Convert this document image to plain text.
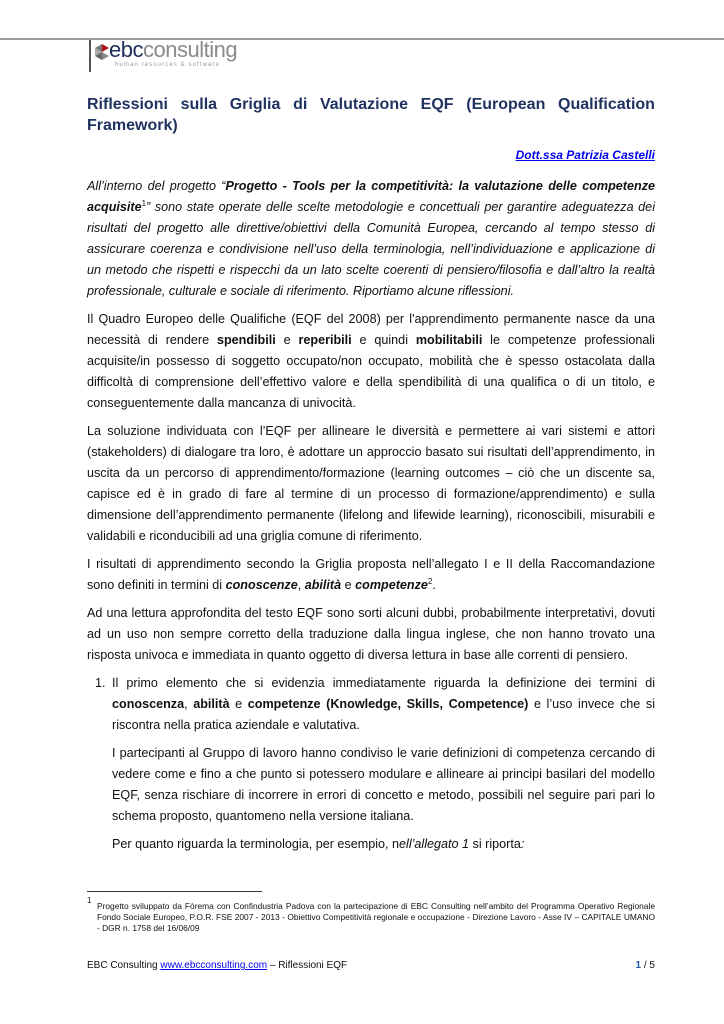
ebcconsulting
human resources & software
Riflessioni sulla Griglia di Valutazione EQF (European Qualification
Framework)
Dott.ssa Patrizia Castelli

All’interno del progetto “Progetto - Tools per la competitività: la valutazione delle competenze acquisite$^1$” sono state operate delle scelte metodologie e concettuali per garantire adeguatezza dei risultati del progetto alle direttive/obiettivi della Comunità Europea, cercando al tempo stesso di assicurare coerenza e condivisione nell’uso della terminologia, nell’individuazione e applicazione di un metodo che rispetti e rispecchi da un lato scelte coerenti di pensiero/filosofia e dall’altro la realtà professionale, culturale e sociale di riferimento. Riportiamo alcune riflessioni.

Il Quadro Europeo delle Qualifiche (EQF del 2008) per l'apprendimento permanente nasce da una necessità di rendere spendibili e reperibili e quindi mobilitabili le competenze professionali acquisite/in possesso di soggetto occupato/non occupato, mobilità che è spesso ostacolata dalla difficoltà di comprensione dell’effettivo valore e della spendibilità di una qualifica o di un titolo, e conseguentemente dalla mancanza di univocità.

La soluzione individuata con l’EQF per allineare le diversità e permettere ai vari sistemi e attori (stakeholders) di dialogare tra loro, è adottare un approccio basato sui risultati dell’apprendimento, in uscita da un percorso di apprendimento/formazione (learning outcomes – ciò che un discente sa, capisce ed è in grado di fare al termine di un processo di formazione/apprendimento) e sulla dimensione dell’apprendimento permanente (lifelong and lifewide learning), riconoscibili, misurabili e validabili e riconducibili ad una griglia comune di riferimento.

I risultati di apprendimento secondo la Griglia proposta nell’allegato I e II della Raccomandazione sono definiti in termini di conoscenze, abilità e competenze$^2$.

Ad una lettura approfondita del testo EQF sono sorti alcuni dubbi, probabilmente interpretativi, dovuti ad un uso non sempre corretto della traduzione dalla lingua inglese, che non hanno trovato una risposta univoca e immediata in quanto oggetto di diversa lettura in base alle correnti di pensiero.

1. Il primo elemento che si evidenzia immediatamente riguarda la definizione dei termini di conoscenza, abilità e competenze (Knowledge, Skills, Competence) e l’uso invece che si riscontra nella pratica aziendale e valutativa.

I partecipanti al Gruppo di lavoro hanno condiviso le varie definizioni di competenza cercando di vedere come e fino a che punto si potessero modulare e allineare ai principi basilari del modello EQF, senza rischiare di incorrere in errori di concetto e metodo, possibili nel seguire pari pari lo schema proposto, quantomeno nella versione italiana.

Per quanto riguarda la terminologia, per esempio, nell’allegato 1 si riporta:

1
Progetto sviluppato da Fòrema con Confindustria Padova con la partecipazione di EBC Consulting nell’ambito del Programma Operativo Regionale Fondo Sociale Europeo, P.O.R. FSE 2007 - 2013 - Obiettivo Competitività regionale e occupazione - Direzione Lavoro - Asse IV – CAPITALE UMANO - DGR n. 1758 del 16/06/09
EBC Consulting www.ebcconsulting.com – Riflessioni EQF	1 / 5
